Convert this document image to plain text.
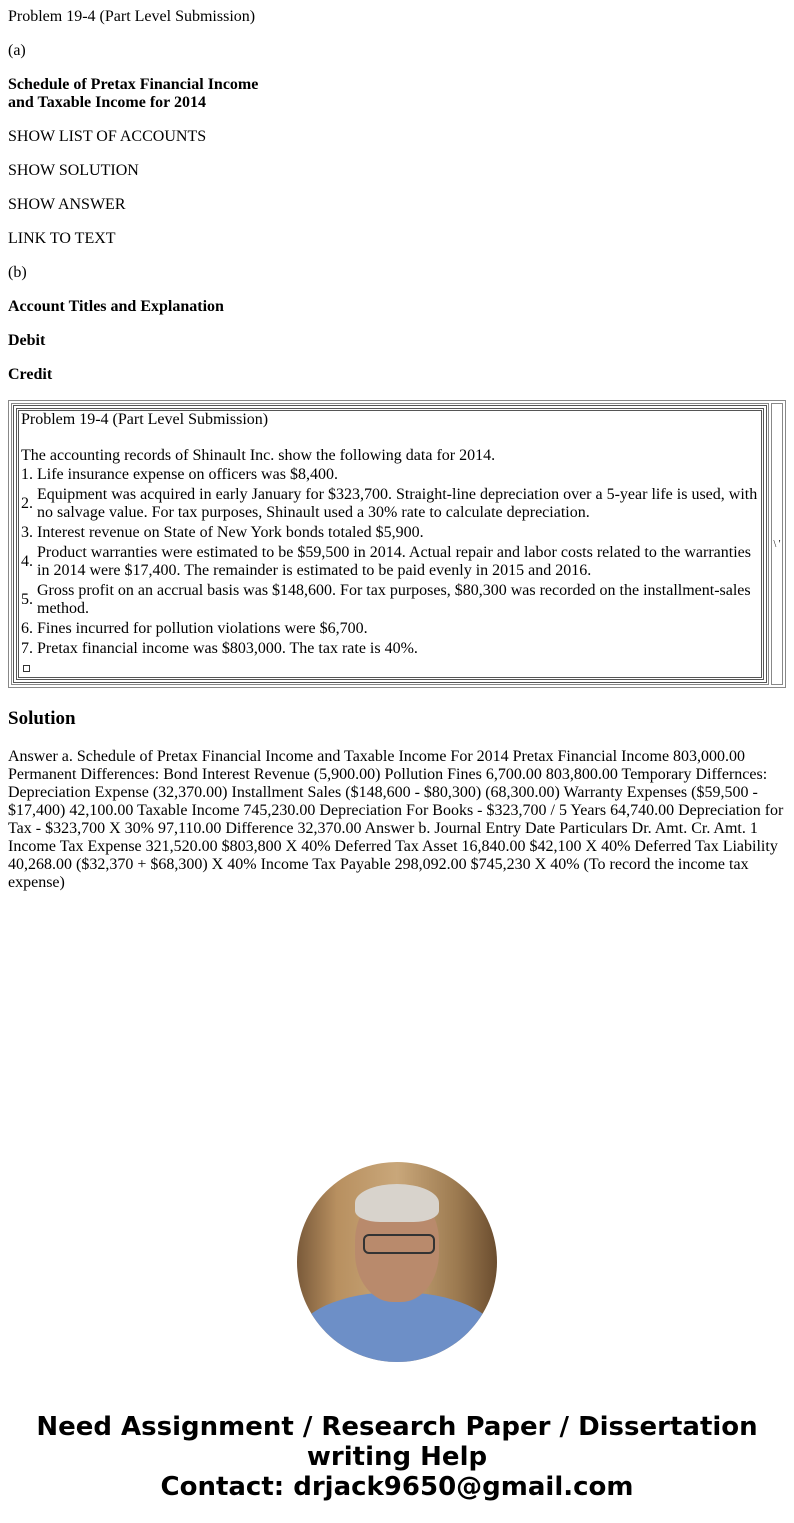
Problem 19-4 (Part Level Submission)

(a)

Schedule of Pretax Financial Income
and Taxable Income for 2014

SHOW LIST OF ACCOUNTS

SHOW SOLUTION

SHOW ANSWER

LINK TO TEXT

(b)

Account Titles and Explanation

Debit

Credit

Problem 19-4 (Part Level Submission)
The accounting records of Shinault Inc. show the following data for 2014.
1.	Life insurance expense on officers was $8,400.
2.	Equipment was acquired in early January for $323,700. Straight-line depreciation over a 5-year life is used, with no salvage value. For tax purposes, Shinault used a 30% rate to calculate depreciation.
3.	Interest revenue on State of New York bonds totaled $5,900.
4.	Product warranties were estimated to be $59,500 in 2014. Actual repair and labor costs related to the warranties in 2014 were $17,400. The remainder is estimated to be paid evenly in 2015 and 2016.
5.	Gross profit on an accrual basis was $148,600. For tax purposes, $80,300 was recorded on the installment-sales method.
6.	Fines incurred for pollution violations were $6,700.
7.	Pretax financial income was $803,000. The tax rate is 40%.
	\ '
Solution

Answer a. Schedule of Pretax Financial Income and Taxable Income For 2014 Pretax Financial Income 803,000.00 Permanent Differences: Bond Interest Revenue (5,900.00) Pollution Fines 6,700.00 803,800.00 Temporary Differnces: Depreciation Expense (32,370.00) Installment Sales ($148,600 - $80,300) (68,300.00) Warranty Expenses ($59,500 - $17,400) 42,100.00 Taxable Income 745,230.00 Depreciation For Books - $323,700 / 5 Years 64,740.00 Depreciation for Tax - $323,700 X 30% 97,110.00 Difference 32,370.00 Answer b. Journal Entry Date Particulars Dr. Amt. Cr. Amt. 1 Income Tax Expense 321,520.00 $803,800 X 40% Deferred Tax Asset 16,840.00 $42,100 X 40% Deferred Tax Liability 40,268.00 ($32,370 + $68,300) X 40% Income Tax Payable 298,092.00 $745,230 X 40% (To record the income tax expense)

Need Assignment / Research Paper / Dissertation writing Help
Contact: drjack9650@gmail.com
